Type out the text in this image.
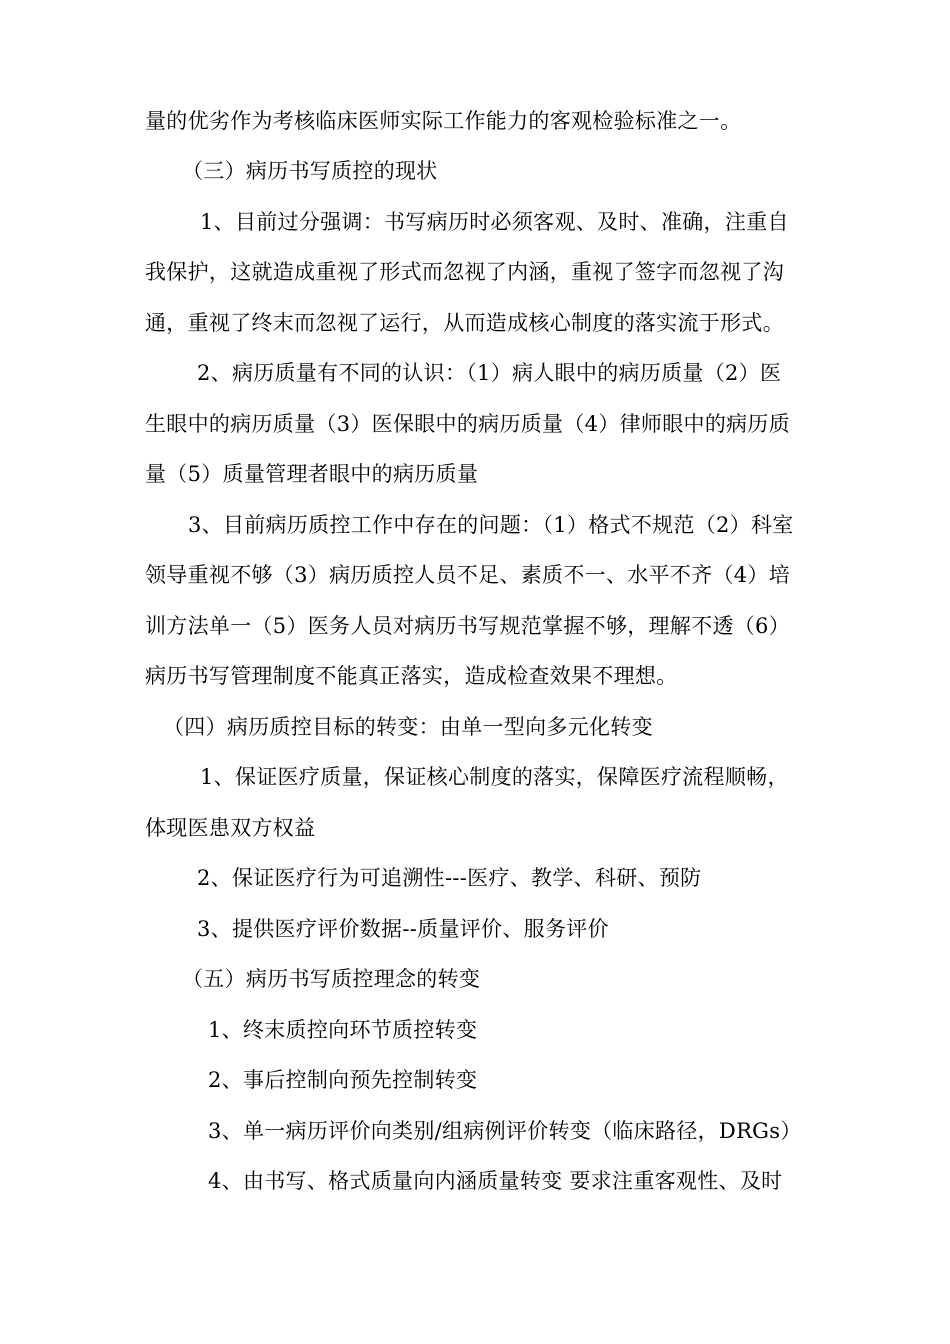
量的优劣作为考核临床医师实际工作能力的客观检验标准之一。
（三）病历书写质控的现状
1、目前过分强调：书写病历时必须客观、及时、准确，注重自
我保护，这就造成重视了形式而忽视了内涵，重视了签字而忽视了沟
通，重视了终末而忽视了运行，从而造成核心制度的落实流于形式。
2、病历质量有不同的认识：（1）病人眼中的病历质量（2）医
生眼中的病历质量（3）医保眼中的病历质量（4）律师眼中的病历质
量（5）质量管理者眼中的病历质量
3、目前病历质控工作中存在的问题：（1）格式不规范（2）科室
领导重视不够（3）病历质控人员不足、素质不一、水平不齐（4）培
训方法单一（5）医务人员对病历书写规范掌握不够，理解不透（6）
病历书写管理制度不能真正落实，造成检查效果不理想。
（四）病历质控目标的转变：由单一型向多元化转变
1、保证医疗质量，保证核心制度的落实，保障医疗流程顺畅，
体现医患双方权益
2、保证医疗行为可追溯性---医疗、教学、科研、预防
3、提供医疗评价数据--质量评价、服务评价
（五）病历书写质控理念的转变
1、终末质控向环节质控转变
2、事后控制向预先控制转变
3、单一病历评价向类别/组病例评价转变（临床路径，DRGs）
4、由书写、格式质量向内涵质量转变 要求注重客观性、及时
